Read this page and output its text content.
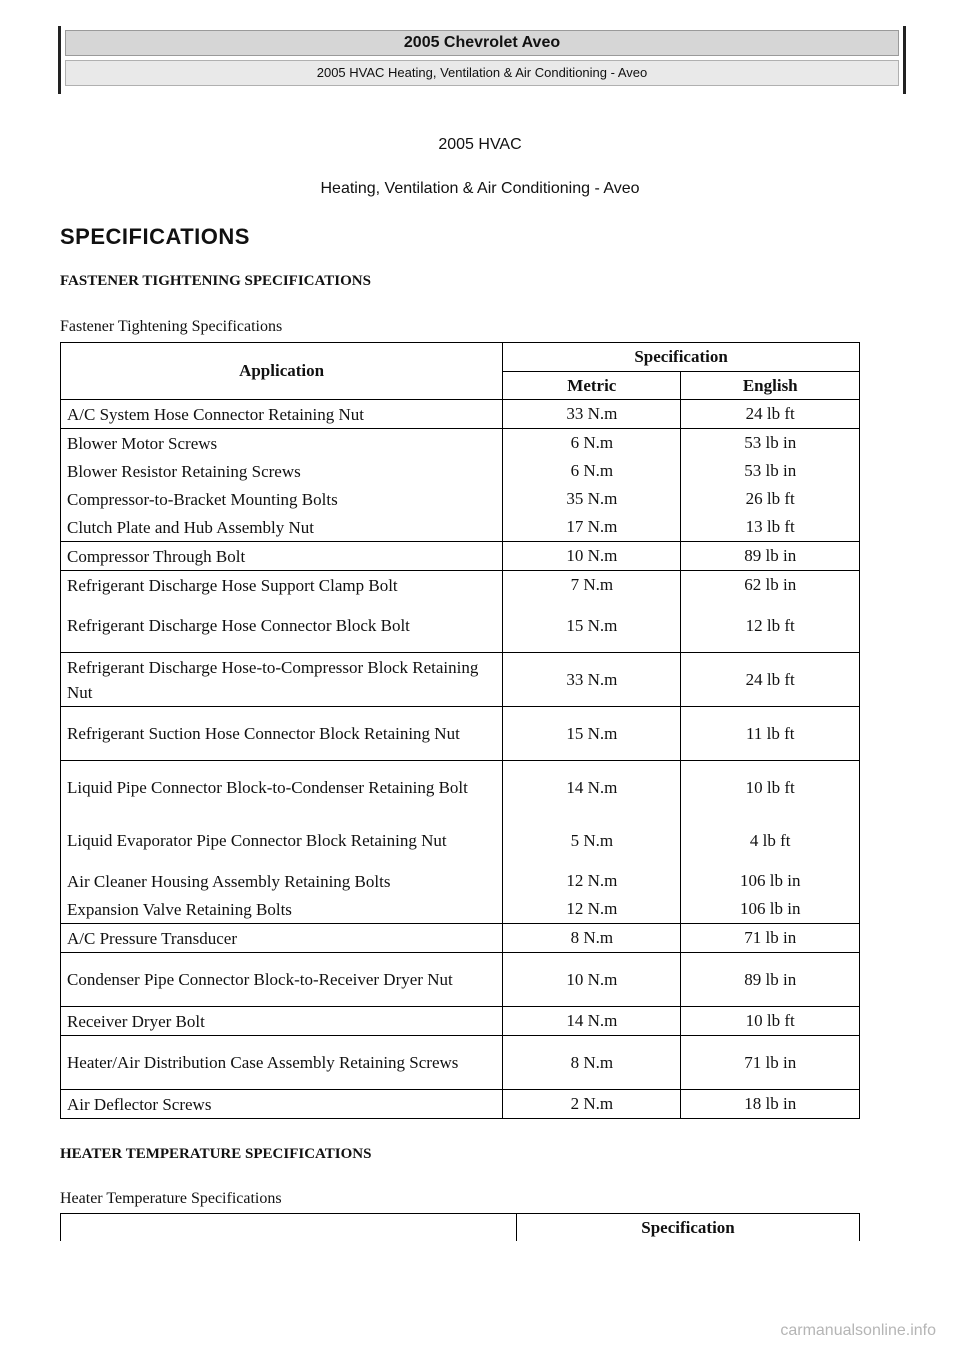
2005 Chevrolet Aveo
2005 HVAC Heating, Ventilation & Air Conditioning - Aveo
2005 HVAC
Heating, Ventilation & Air Conditioning - Aveo
SPECIFICATIONS
FASTENER TIGHTENING SPECIFICATIONS
Fastener Tightening Specifications
Application	Specification	
	Metric	English
A/C System Hose Connector Retaining Nut	33 N.m	24 lb ft
Blower Motor Screws	6 N.m	53 lb in
Blower Resistor Retaining Screws	6 N.m	53 lb in
Compressor-to-Bracket Mounting Bolts	35 N.m	26 lb ft
Clutch Plate and Hub Assembly Nut	17 N.m	13 lb ft
Compressor Through Bolt	10 N.m	89 lb in
Refrigerant Discharge Hose Support Clamp Bolt	7 N.m	62 lb in
Refrigerant Discharge Hose Connector Block Bolt	15 N.m	12 lb ft
Refrigerant Discharge Hose-to-Compressor Block Retaining Nut	33 N.m	24 lb ft
Refrigerant Suction Hose Connector Block Retaining Nut	15 N.m	11 lb ft
Liquid Pipe Connector Block-to-Condenser Retaining Bolt	14 N.m	10 lb ft
Liquid Evaporator Pipe Connector Block Retaining Nut	5 N.m	4 lb ft
Air Cleaner Housing Assembly Retaining Bolts	12 N.m	106 lb in
Expansion Valve Retaining Bolts	12 N.m	106 lb in
A/C Pressure Transducer	8 N.m	71 lb in
Condenser Pipe Connector Block-to-Receiver Dryer Nut	10 N.m	89 lb in
Receiver Dryer Bolt	14 N.m	10 lb ft
Heater/Air Distribution Case Assembly Retaining Screws	8 N.m	71 lb in
Air Deflector Screws	2 N.m	18 lb in
HEATER TEMPERATURE SPECIFICATIONS
Heater Temperature Specifications
	Specification
carmanualsonline.info
